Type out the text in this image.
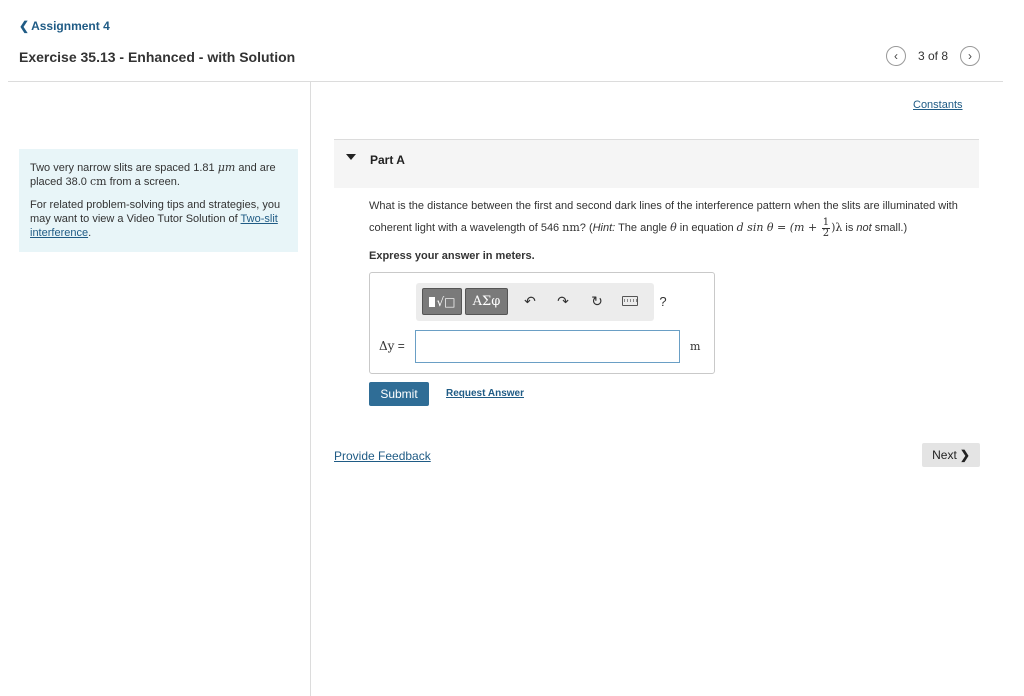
❮ Assignment 4
Exercise 35.13 - Enhanced - with Solution	‹ 3 of 8 ›

Two very narrow slits are spaced 1.81 μm and are placed 38.0 cm from a screen.

For related problem-solving tips and strategies, you may want to view a Video Tutor Solution of Two-slit interference.

Constants
Part A
What is the distance between the first and second dark lines of the interference pattern when the slits are illuminated with coherent light with a wavelength of 546 nm? (Hint: The angle θ in equation d $\sin \theta = (m + \frac{1}{2} )\lambda$ is not small.)
Express your answer in meters.
√□ ΑΣφ ↶ ↷ ↻	?
Δy =	m
Submit	Request Answer
Provide Feedback	Next ❯
